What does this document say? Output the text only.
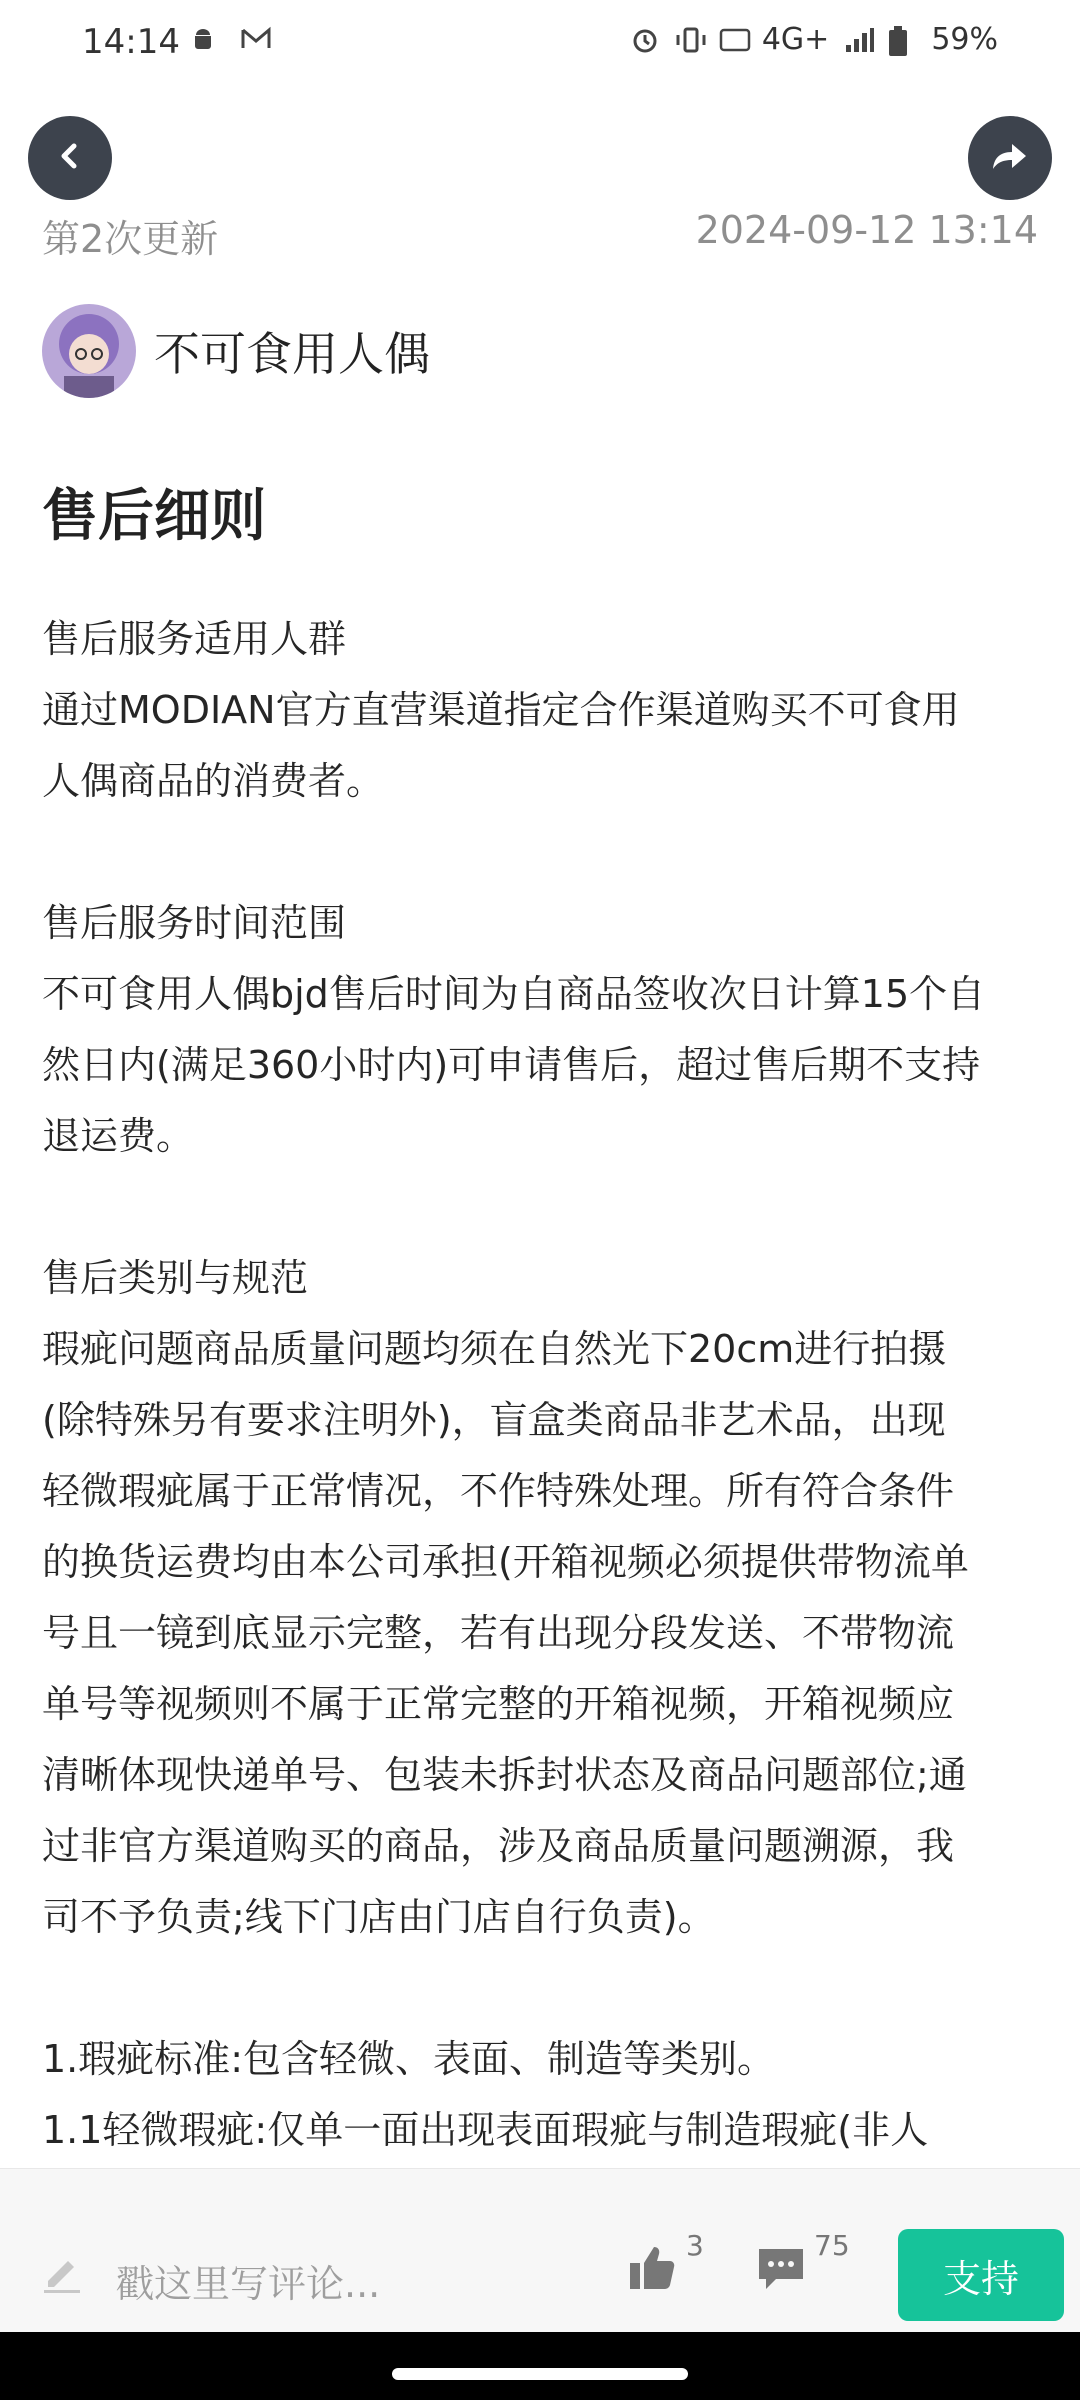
14:14	4G+	59%
第2次更新	2024-09-12 13:14
不可食用人偶
售后细则

售后服务适用人群
通过MODIAN官方直营渠道指定合作渠道购买不可食用
人偶商品的消费者。

售后服务时间范围
不可食用人偶bjd售后时间为自商品签收次日计算15个自
然日内(满足360小时内)可申请售后，超过售后期不支持
退运费。

售后类别与规范
瑕疵问题商品质量问题均须在自然光下20cm进行拍摄
(除特殊另有要求注明外)，盲盒类商品非艺术品，出现
轻微瑕疵属于正常情况，不作特殊处理。所有符合条件
的换货运费均由本公司承担(开箱视频必须提供带物流单
号且一镜到底显示完整，若有出现分段发送、不带物流
单号等视频则不属于正常完整的开箱视频，开箱视频应
清晰体现快递单号、包装未拆封状态及商品问题部位;通
过非官方渠道购买的商品，涉及商品质量问题溯源，我
司不予负责;线下门店由门店自行负责)。

1.瑕疵标准:包含轻微、表面、制造等类别。
1.1轻微瑕疵:仅单一面出现表面瑕疵与制造瑕疵(非人

戳这里写评论...
3	75
支持
